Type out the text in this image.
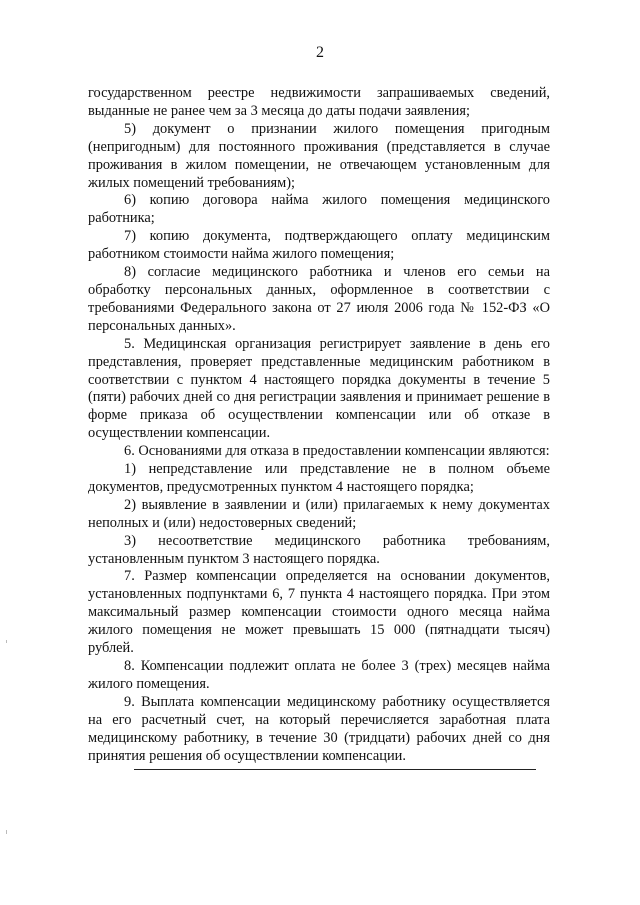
2

государственном реестре недвижимости запрашиваемых сведений, выданные не ранее чем за 3 месяца до даты подачи заявления;

5) документ о признании жилого помещения пригодным (непригодным) для постоянного проживания (представляется в случае проживания в жилом помещении, не отвечающем установленным для жилых помещений требованиям);

6) копию договора найма жилого помещения медицинского работника;

7) копию документа, подтверждающего оплату медицинским работником стоимости найма жилого помещения;

8) согласие медицинского работника и членов его семьи на обработку персональных данных, оформленное в соответствии с требованиями Федерального закона от 27 июля 2006 года № 152-ФЗ «О персональных данных».

5. Медицинская организация регистрирует заявление в день его представления, проверяет представленные медицинским работником в соответствии с пунктом 4 настоящего порядка документы в течение 5 (пяти) рабочих дней со дня регистрации заявления и принимает решение в форме приказа об осуществлении компенсации или об отказе в осуществлении компенсации.

6. Основаниями для отказа в предоставлении компенсации являются:

1) непредставление или представление не в полном объеме документов, предусмотренных пунктом 4 настоящего порядка;

2) выявление в заявлении и (или) прилагаемых к нему документах неполных и (или) недостоверных сведений;

3) несоответствие медицинского работника требованиям, установленным пунктом 3 настоящего порядка.

7. Размер компенсации определяется на основании документов, установленных подпунктами 6, 7 пункта 4 настоящего порядка. При этом максимальный размер компенсации стоимости одного месяца найма жилого помещения не может превышать 15 000 (пятнадцати тысяч) рублей.

8. Компенсации подлежит оплата не более 3 (трех) месяцев найма жилого помещения.

9. Выплата компенсации медицинскому работнику осуществляется на его расчетный счет, на который перечисляется заработная плата медицинскому работнику, в течение 30 (тридцати) рабочих дней со дня принятия решения об осуществлении компенсации.
